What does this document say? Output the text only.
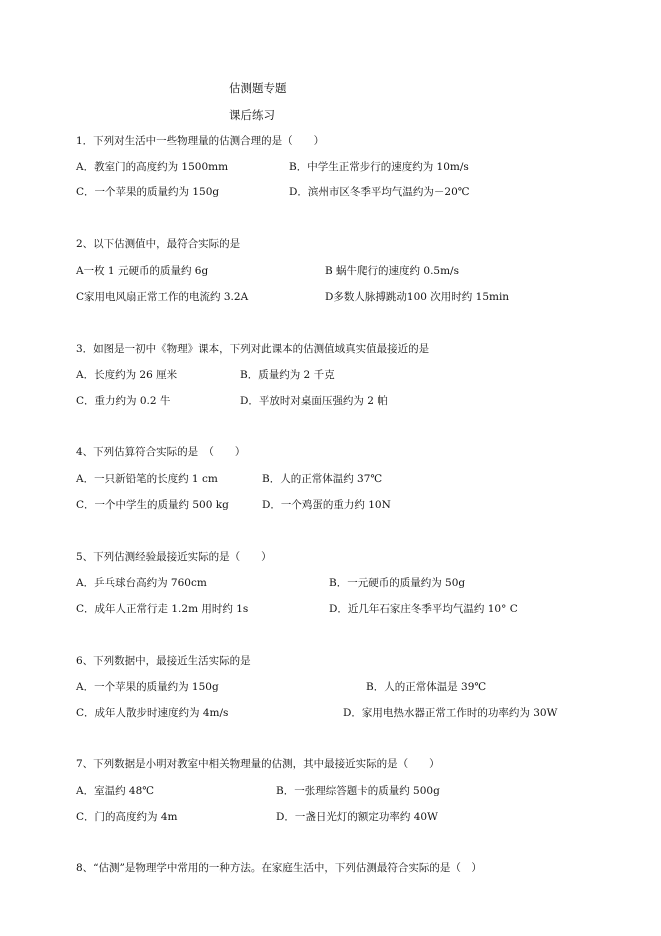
估测题专题
课后练习
1．下列对生活中一些物理量的估测合理的是（　　）
A．教室门的高度约为 1500mm	B．中学生正常步行的速度约为 10m/s
C．一个苹果的质量约为 150g	D．滨州市区冬季平均气温约为－20℃
2、以下估测值中，最符合实际的是
A一枚 1 元硬币的质量约 6g	B 蜗牛爬行的速度约 0.5m/s
C家用电风扇正常工作的电流约 3.2A	D多数人脉搏跳动100 次用时约 15min
3．如图是一初中《物理》课本，下列对此课本的估测值域真实值最接近的是
A．长度约为 26 厘米	B．质量约为 2 千克
C．重力约为 0.2 牛	D．平放时对桌面压强约为 2 帕
4、下列估算符合实际的是　（　　）
A．一只新铅笔的长度约 1 cm	B．人的正常体温约 37℃
C．一个中学生的质量约 500 kg	D．一个鸡蛋的重力约 10N
5、下列估测经验最接近实际的是（　　）
A．乒乓球台高约为 760cm	B．一元硬币的质量约为 50g
C．成年人正常行走 1.2m 用时约 1s	D．近几年石家庄冬季平均气温约 10° C
6、下列数据中，最接近生活实际的是
A．一个苹果的质量约为 150g	B．人的正常体温是 39℃
C．成年人散步时速度约为 4m/s	D．家用电热水器正常工作时的功率约为 30W
7、下列数据是小明对教室中相关物理量的估测，其中最接近实际的是（　　）
A．室温约 48℃	B．一张理综答题卡的质量约 500g
C．门的高度约为 4m	D．一盏日光灯的额定功率约 40W
8、“估测”是物理学中常用的一种方法。在家庭生活中，下列估测最符合实际的是（　）
